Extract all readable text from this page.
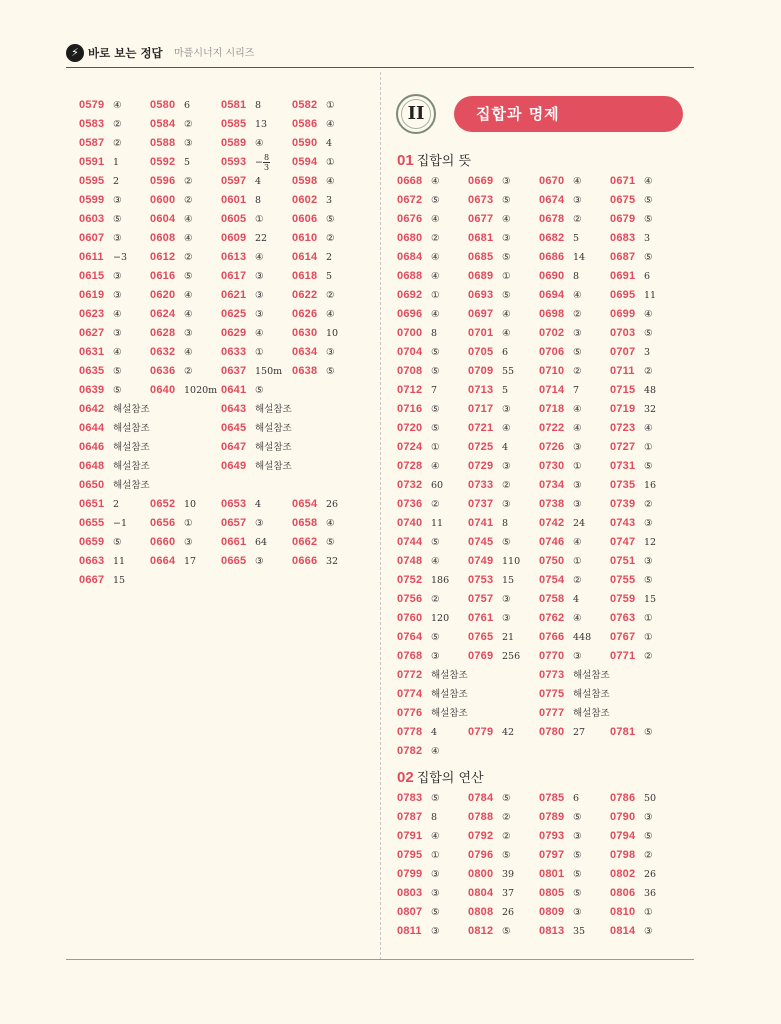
⚡ 바로 보는 정답 마플시너지 시리즈
0579 ④	0580 6	0581 8	0582 ①
0583 ②	0584 ②	0585 13 0586 ④
0587 ②	0588 ③	0589 ④	0590 4
0591 1	0592 5	$0593 - \frac{8}{3} 0594$ ①
0595 2	0596 ②	0597 4	0598 ④
0599 ③	0600 ②	0601 8	0602 3
0603 ⑤	0604 ④	0605 ①	0606 ⑤
0607 ③	0608 ④	0609 22 0610 ②
0611 −3 0612 ②	0613 ④	0614 2
0615 ③	0616 ⑤	0617 ③	0618 5
0619 ③	0620 ④	0621 ③	0622 ②
0623 ④	0624 ④	0625 ③	0626 ④
0627 ③	0628 ③	0629 ④	0630 10
0631 ④	0632 ④	0633 ①	0634 ③
0635 ⑤	0636 ②	0637 150m 0638 ⑤
0639 ⑤	0640 1020m 0641 ⑤
0642 해설참조	0643 해설참조
0644 해설참조	0645 해설참조
0646 해설참조	0647 해설참조
0648 해설참조	0649 해설참조
0650 해설참조
0651 2	0652 10 0653 4	0654 26
0655 −1 0656 ①	0657 ③	0658 ④
0659 ⑤	0660 ③	0661 64 0662 ⑤
0663 11 0664 17 0665 ③	0666 32
0667 15
II	집합과 명제
01 집합의 뜻
0668 ④	0669 ③	0670 ④	0671 ④
0672 ⑤	0673 ⑤	0674 ③	0675 ⑤
0676 ④	0677 ④	0678 ②	0679 ⑤
0680 ②	0681 ③	0682 5	0683 3
0684 ④	0685 ⑤	0686 14 0687 ⑤
0688 ④	0689 ①	0690 8	0691 6
0692 ①	0693 ⑤	0694 ④	0695 11
0696 ④	0697 ④	0698 ②	0699 ④
0700 8	0701 ④	0702 ③	0703 ⑤
0704 ⑤	0705 6	0706 ⑤	0707 3
0708 ⑤	0709 55 0710 ②	0711 ②
0712 7	0713 5	0714 7	0715 48
0716 ⑤	0717 ③	0718 ④	0719 32
0720 ⑤	0721 ④	0722 ④	0723 ④
0724 ①	0725 4	0726 ③	0727 ①
0728 ④	0729 ③	0730 ①	0731 ⑤
0732 60 0733 ②	0734 ③	0735 16
0736 ②	0737 ③	0738 ③	0739 ②
0740 11 0741 8	0742 24 0743 ③
0744 ⑤	0745 ⑤	0746 ④	0747 12
0748 ④	0749 110 0750 ①	0751 ③
0752 186 0753 15 0754 ②	0755 ⑤
0756 ②	0757 ③	0758 4	0759 15
0760 120 0761 ③	0762 ④	0763 ①
0764 ⑤	0765 21 0766 448 0767 ①
0768 ③	0769 256 0770 ③	0771 ②
0772 해설참조	0773 해설참조
0774 해설참조	0775 해설참조
0776 해설참조	0777 해설참조
0778 4	0779 42 0780 27 0781 ⑤
0782 ④
02 집합의 연산
0783 ⑤	0784 ⑤	0785 6	0786 50
0787 8	0788 ②	0789 ⑤	0790 ③
0791 ④	0792 ②	0793 ③	0794 ⑤
0795 ①	0796 ⑤	0797 ⑤	0798 ②
0799 ③	0800 39 0801 ⑤	0802 26
0803 ③	0804 37 0805 ⑤	0806 36
0807 ⑤	0808 26 0809 ③	0810 ①
0811 ③	0812 ⑤	0813 35 0814 ③
